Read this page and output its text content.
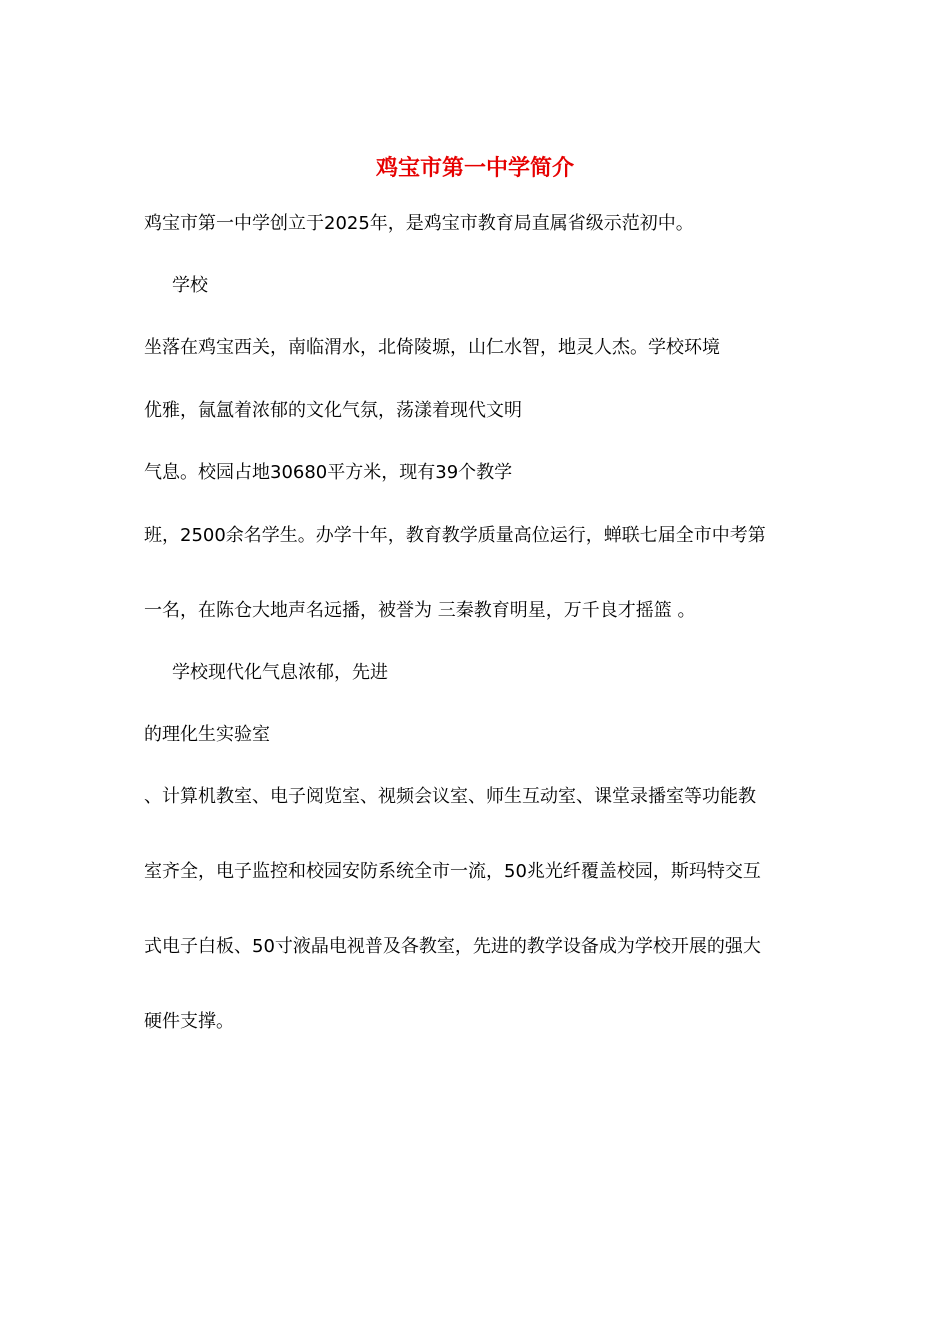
鸡宝市第一中学简介

鸡宝市第一中学创立于2025年，是鸡宝市教育局直属省级示范初中。

学校

坐落在鸡宝西关，南临渭水，北倚陵塬，山仁水智，地灵人杰。学校环境

优雅，氤氲着浓郁的文化气氛，荡漾着现代文明

气息。校园占地30680平方米，现有39个教学

班，2500余名学生。办学十年，教育教学质量高位运行，蝉联七届全市中考第

一名，在陈仓大地声名远播，被誉为 三秦教育明星，万千良才摇篮 。

学校现代化气息浓郁，先进

的理化生实验室

、计算机教室、电子阅览室、视频会议室、师生互动室、课堂录播室等功能教

室齐全，电子监控和校园安防系统全市一流，50兆光纤覆盖校园，斯玛特交互

式电子白板、50寸液晶电视普及各教室，先进的教学设备成为学校开展的强大

硬件支撑。
